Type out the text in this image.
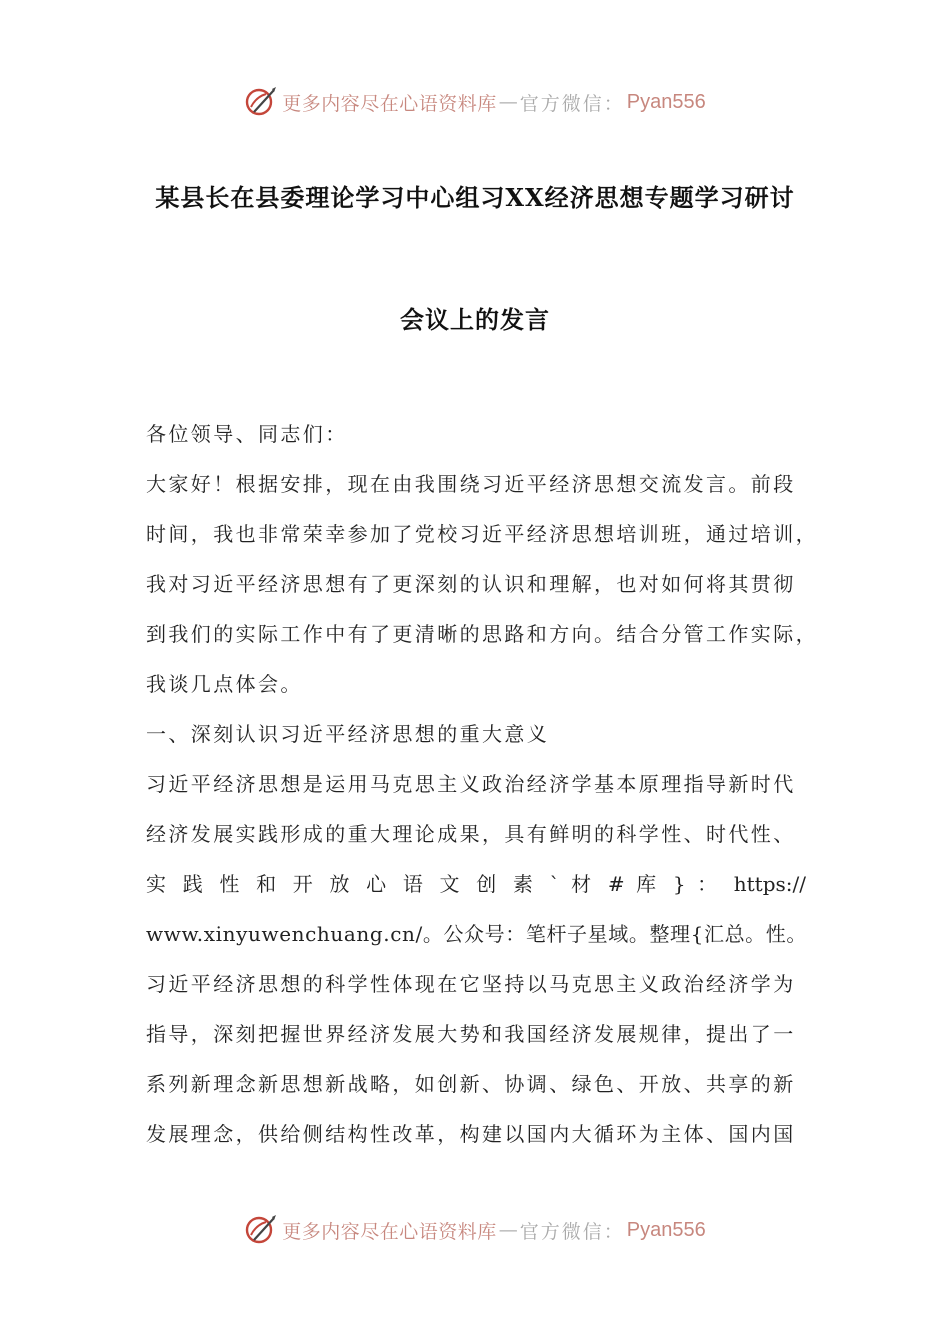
更多内容尽在心语资料库 — 官方微信： Pyan556
某县长在县委理论学习中心组习XX经济思想专题学习研讨
会议上的发言
各位领导、同志们：
大家好！根据安排，现在由我围绕习近平经济思想交流发言。前段
时间，我也非常荣幸参加了党校习近平经济思想培训班，通过培训，
我对习近平经济思想有了更深刻的认识和理解，也对如何将其贯彻
到我们的实际工作中有了更清晰的思路和方向。结合分管工作实际，
我谈几点体会。
一、深刻认识习近平经济思想的重大意义
习近平经济思想是运用马克思主义政治经济学基本原理指导新时代
经济发展实践形成的重大理论成果，具有鲜明的科学性、时代性、
实 践 性 和 开 放 心 语 文 创 素 ` 材 # 库 } ： https://
www.xinyuwenchuang.cn/。公众号：笔杆子星域。整理{汇总。性。
习近平经济思想的科学性体现在它坚持以马克思主义政治经济学为
指导，深刻把握世界经济发展大势和我国经济发展规律，提出了一
系列新理念新思想新战略，如创新、协调、绿色、开放、共享的新
发展理念，供给侧结构性改革，构建以国内大循环为主体、国内国
更多内容尽在心语资料库 — 官方微信： Pyan556
